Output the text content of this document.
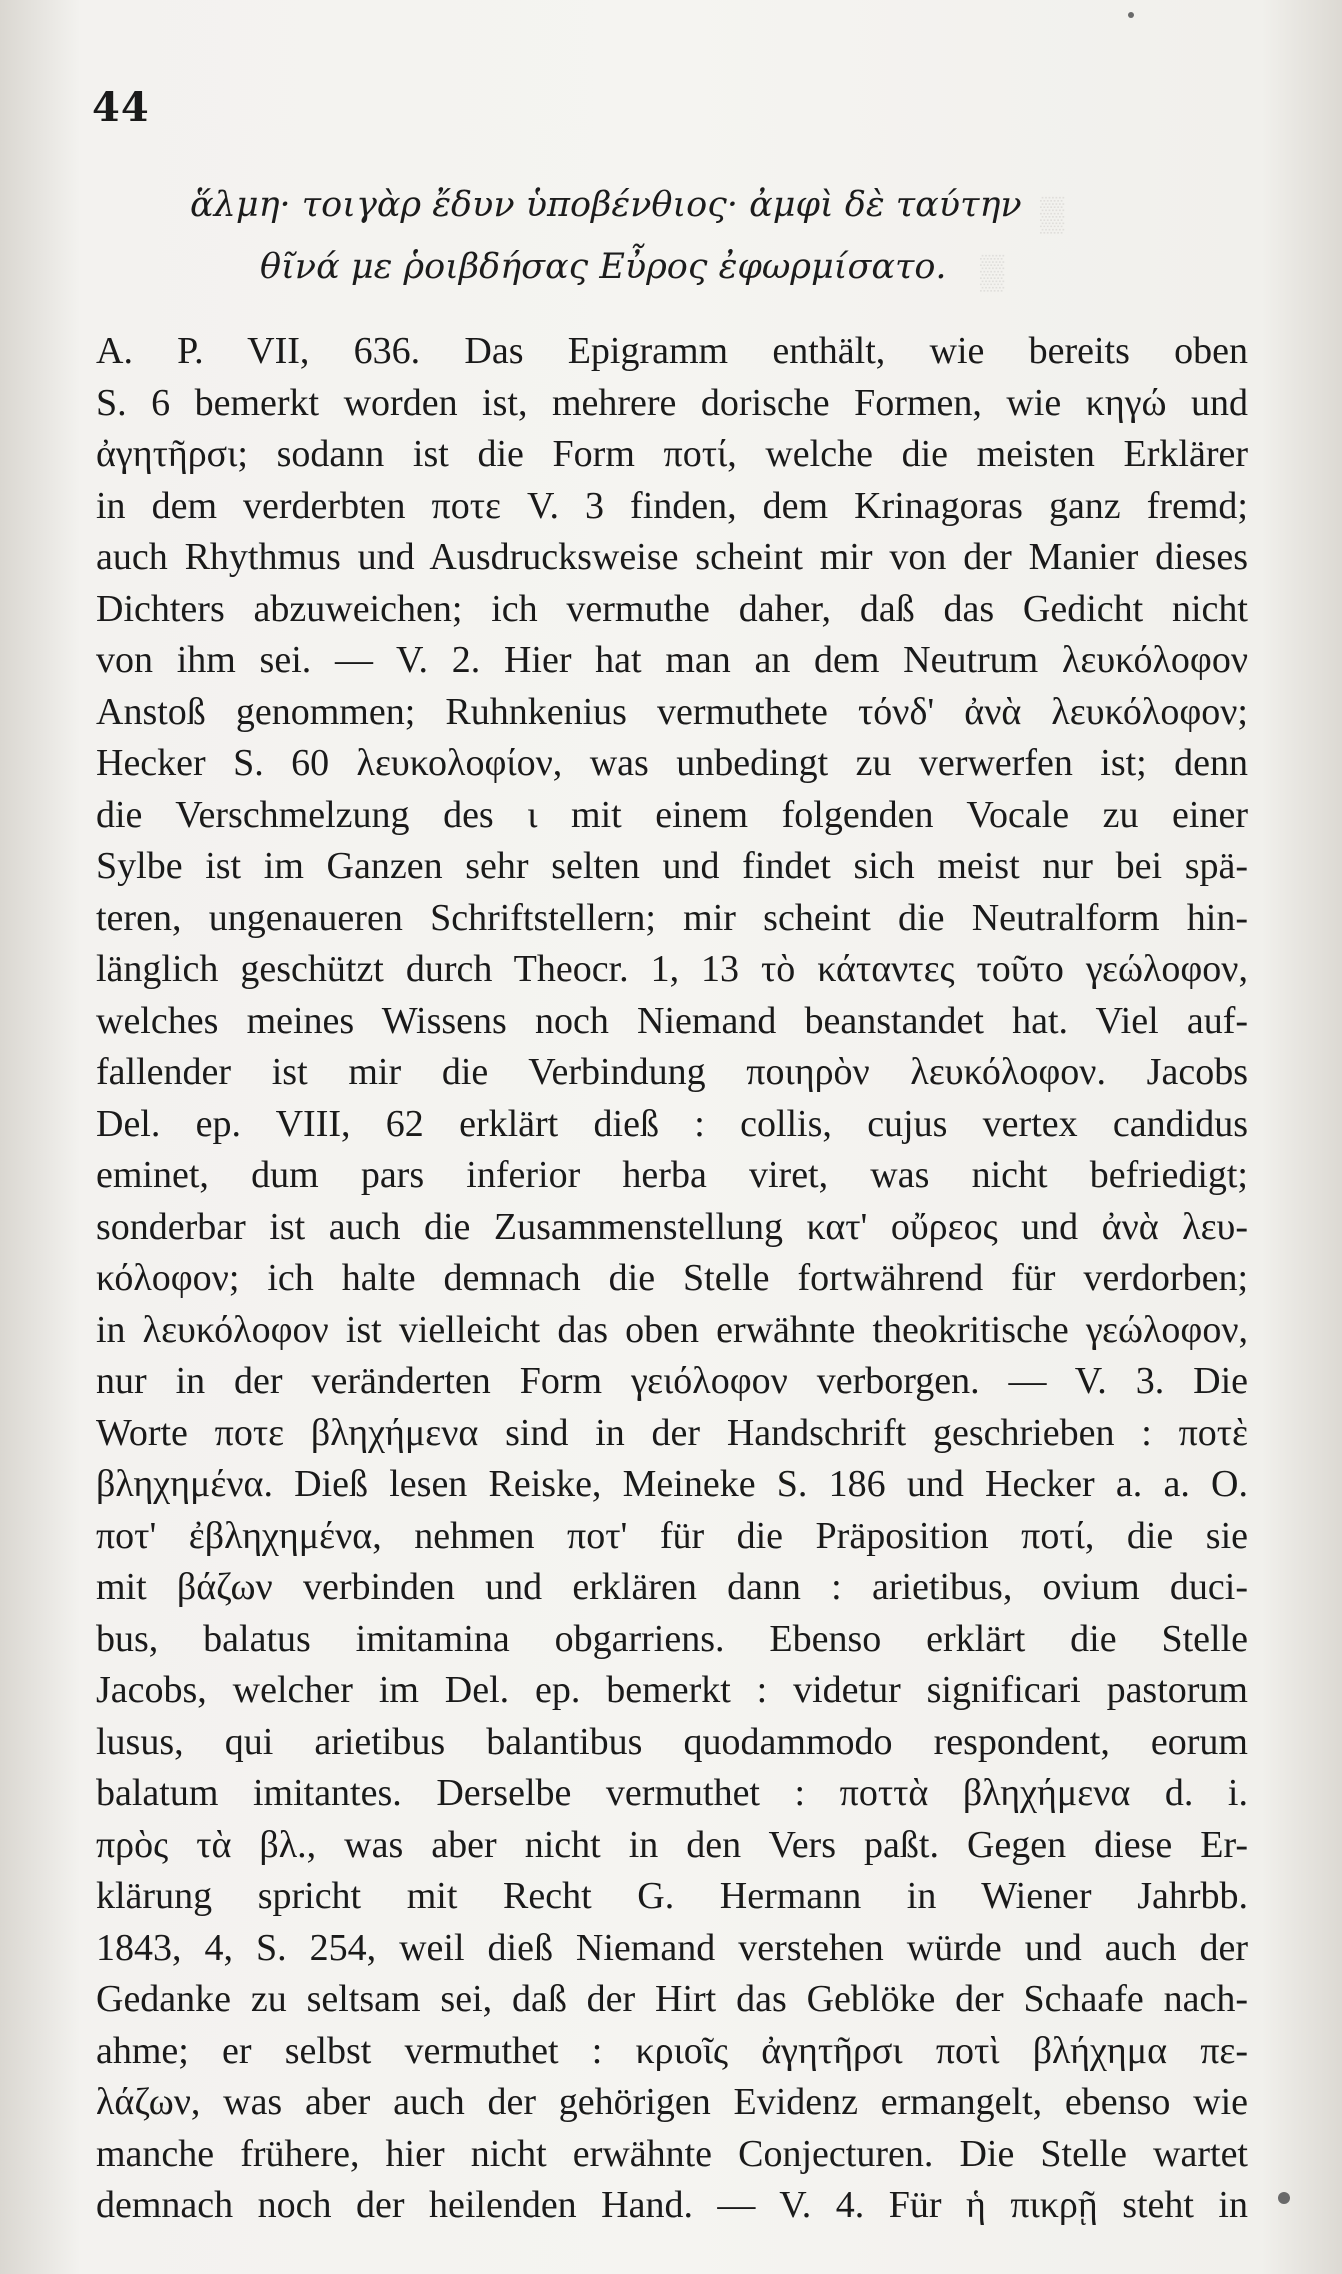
▒
▒
44
ἅλμη· τοιγὰρ ἔδυν ὑποβένθιος· ἀμφὶ δὲ ταύτην
θῖνά με ῥοιβδήσας Εὖρος ἐφωρμίσατο.
A. P. VII, 636. Das Epigramm enthält, wie bereits oben
S. 6 bemerkt worden ist, mehrere dorische Formen, wie κηγώ und
ἀγητῆρσι; sodann ist die Form ποτί, welche die meisten Erklärer
in dem verderbten ποτε V. 3 finden, dem Krinagoras ganz fremd;
auch Rhythmus und Ausdrucksweise scheint mir von der Manier dieses
Dichters abzuweichen; ich vermuthe daher, daß das Gedicht nicht
von ihm sei. — V. 2. Hier hat man an dem Neutrum λευκόλοφον
Anstoß genommen; Ruhnkenius vermuthete τόνδ' ἀνὰ λευκόλοφον;
Hecker S. 60 λευκολοφίον, was unbedingt zu verwerfen ist; denn
die Verschmelzung des ι mit einem folgenden Vocale zu einer
Sylbe ist im Ganzen sehr selten und findet sich meist nur bei spä-
teren, ungenaueren Schriftstellern; mir scheint die Neutralform hin-
länglich geschützt durch Theocr. 1, 13 τὸ κάταντες τοῦτο γεώλοφον,
welches meines Wissens noch Niemand beanstandet hat. Viel auf-
fallender ist mir die Verbindung ποιηρὸν λευκόλοφον. Jacobs
Del. ep. VIII, 62 erklärt dieß : collis, cujus vertex candidus
eminet, dum pars inferior herba viret, was nicht befriedigt;
sonderbar ist auch die Zusammenstellung κατ' οὔρεος und ἀνὰ λευ-
κόλοφον; ich halte demnach die Stelle fortwährend für verdorben;
in λευκόλοφον ist vielleicht das oben erwähnte theokritische γεώλοφον,
nur in der veränderten Form γειόλοφον verborgen. — V. 3. Die
Worte ποτε βληχήμενα sind in der Handschrift geschrieben : ποτὲ
βληχημένα. Dieß lesen Reiske, Meineke S. 186 und Hecker a. a. O.
ποτ' ἐβληχημένα, nehmen ποτ' für die Präposition ποτί, die sie
mit βάζων verbinden und erklären dann : arietibus, ovium duci-
bus, balatus imitamina obgarriens. Ebenso erklärt die Stelle
Jacobs, welcher im Del. ep. bemerkt : videtur significari pastorum
lusus, qui arietibus balantibus quodammodo respondent, eorum
balatum imitantes. Derselbe vermuthet : ποττὰ βληχήμενα d. i.
πρὸς τὰ βλ., was aber nicht in den Vers paßt. Gegen diese Er-
klärung spricht mit Recht G. Hermann in Wiener Jahrbb.
1843, 4, S. 254, weil dieß Niemand verstehen würde und auch der
Gedanke zu seltsam sei, daß der Hirt das Geblöke der Schaafe nach-
ahme; er selbst vermuthet : κριοῖς ἀγητῆρσι ποτὶ βλήχημα πε-
λάζων, was aber auch der gehörigen Evidenz ermangelt, ebenso wie
manche frühere, hier nicht erwähnte Conjecturen. Die Stelle wartet
demnach noch der heilenden Hand. — V. 4. Für ἡ πικρῇ steht in
